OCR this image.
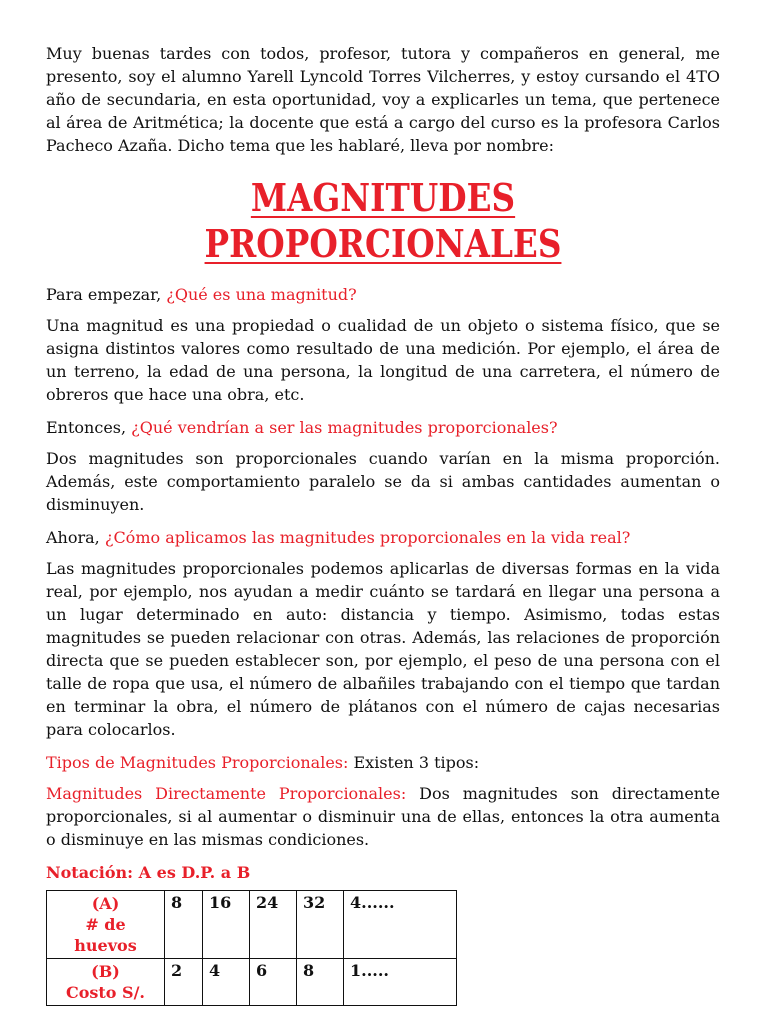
Muy buenas tardes con todos, profesor, tutora y compañeros en general, me presento, soy el alumno Yarell Lyncold Torres Vilcherres, y estoy cursando el 4TO año de secundaria, en esta oportunidad, voy a explicarles un tema, que pertenece al área de Aritmética; la docente que está a cargo del curso es la profesora Carlos Pacheco Azaña. Dicho tema que les hablaré, lleva por nombre:

MAGNITUDES PROPORCIONALES

Para empezar, ¿Qué es una magnitud?

Una magnitud es una propiedad o cualidad de un objeto o sistema físico, que se asigna distintos valores como resultado de una medición. Por ejemplo, el área de un terreno, la edad de una persona, la longitud de una carretera, el número de obreros que hace una obra, etc.

Entonces, ¿Qué vendrían a ser las magnitudes proporcionales?

Dos magnitudes son proporcionales cuando varían en la misma proporción. Además, este comportamiento paralelo se da si ambas cantidades aumentan o disminuyen.

Ahora, ¿Cómo aplicamos las magnitudes proporcionales en la vida real?

Las magnitudes proporcionales podemos aplicarlas de diversas formas en la vida real, por ejemplo, nos ayudan a medir cuánto se tardará en llegar una persona a un lugar determinado en auto: distancia y tiempo. Asimismo, todas estas magnitudes se pueden relacionar con otras. Además, las relaciones de proporción directa que se pueden establecer son, por ejemplo, el peso de una persona con el talle de ropa que usa, el número de albañiles trabajando con el tiempo que tardan en terminar la obra, el número de plátanos con el número de cajas necesarias para colocarlos.

Tipos de Magnitudes Proporcionales: Existen 3 tipos:

Magnitudes Directamente Proporcionales: Dos magnitudes son directamente proporcionales, si al aumentar o disminuir una de ellas, entonces la otra aumenta o disminuye en las mismas condiciones.

Notación: A es D.P. a B

(A)
# de huevos	8	16	24	32	4......

(B)
Costo S/.	2	4	6	8	1.....
